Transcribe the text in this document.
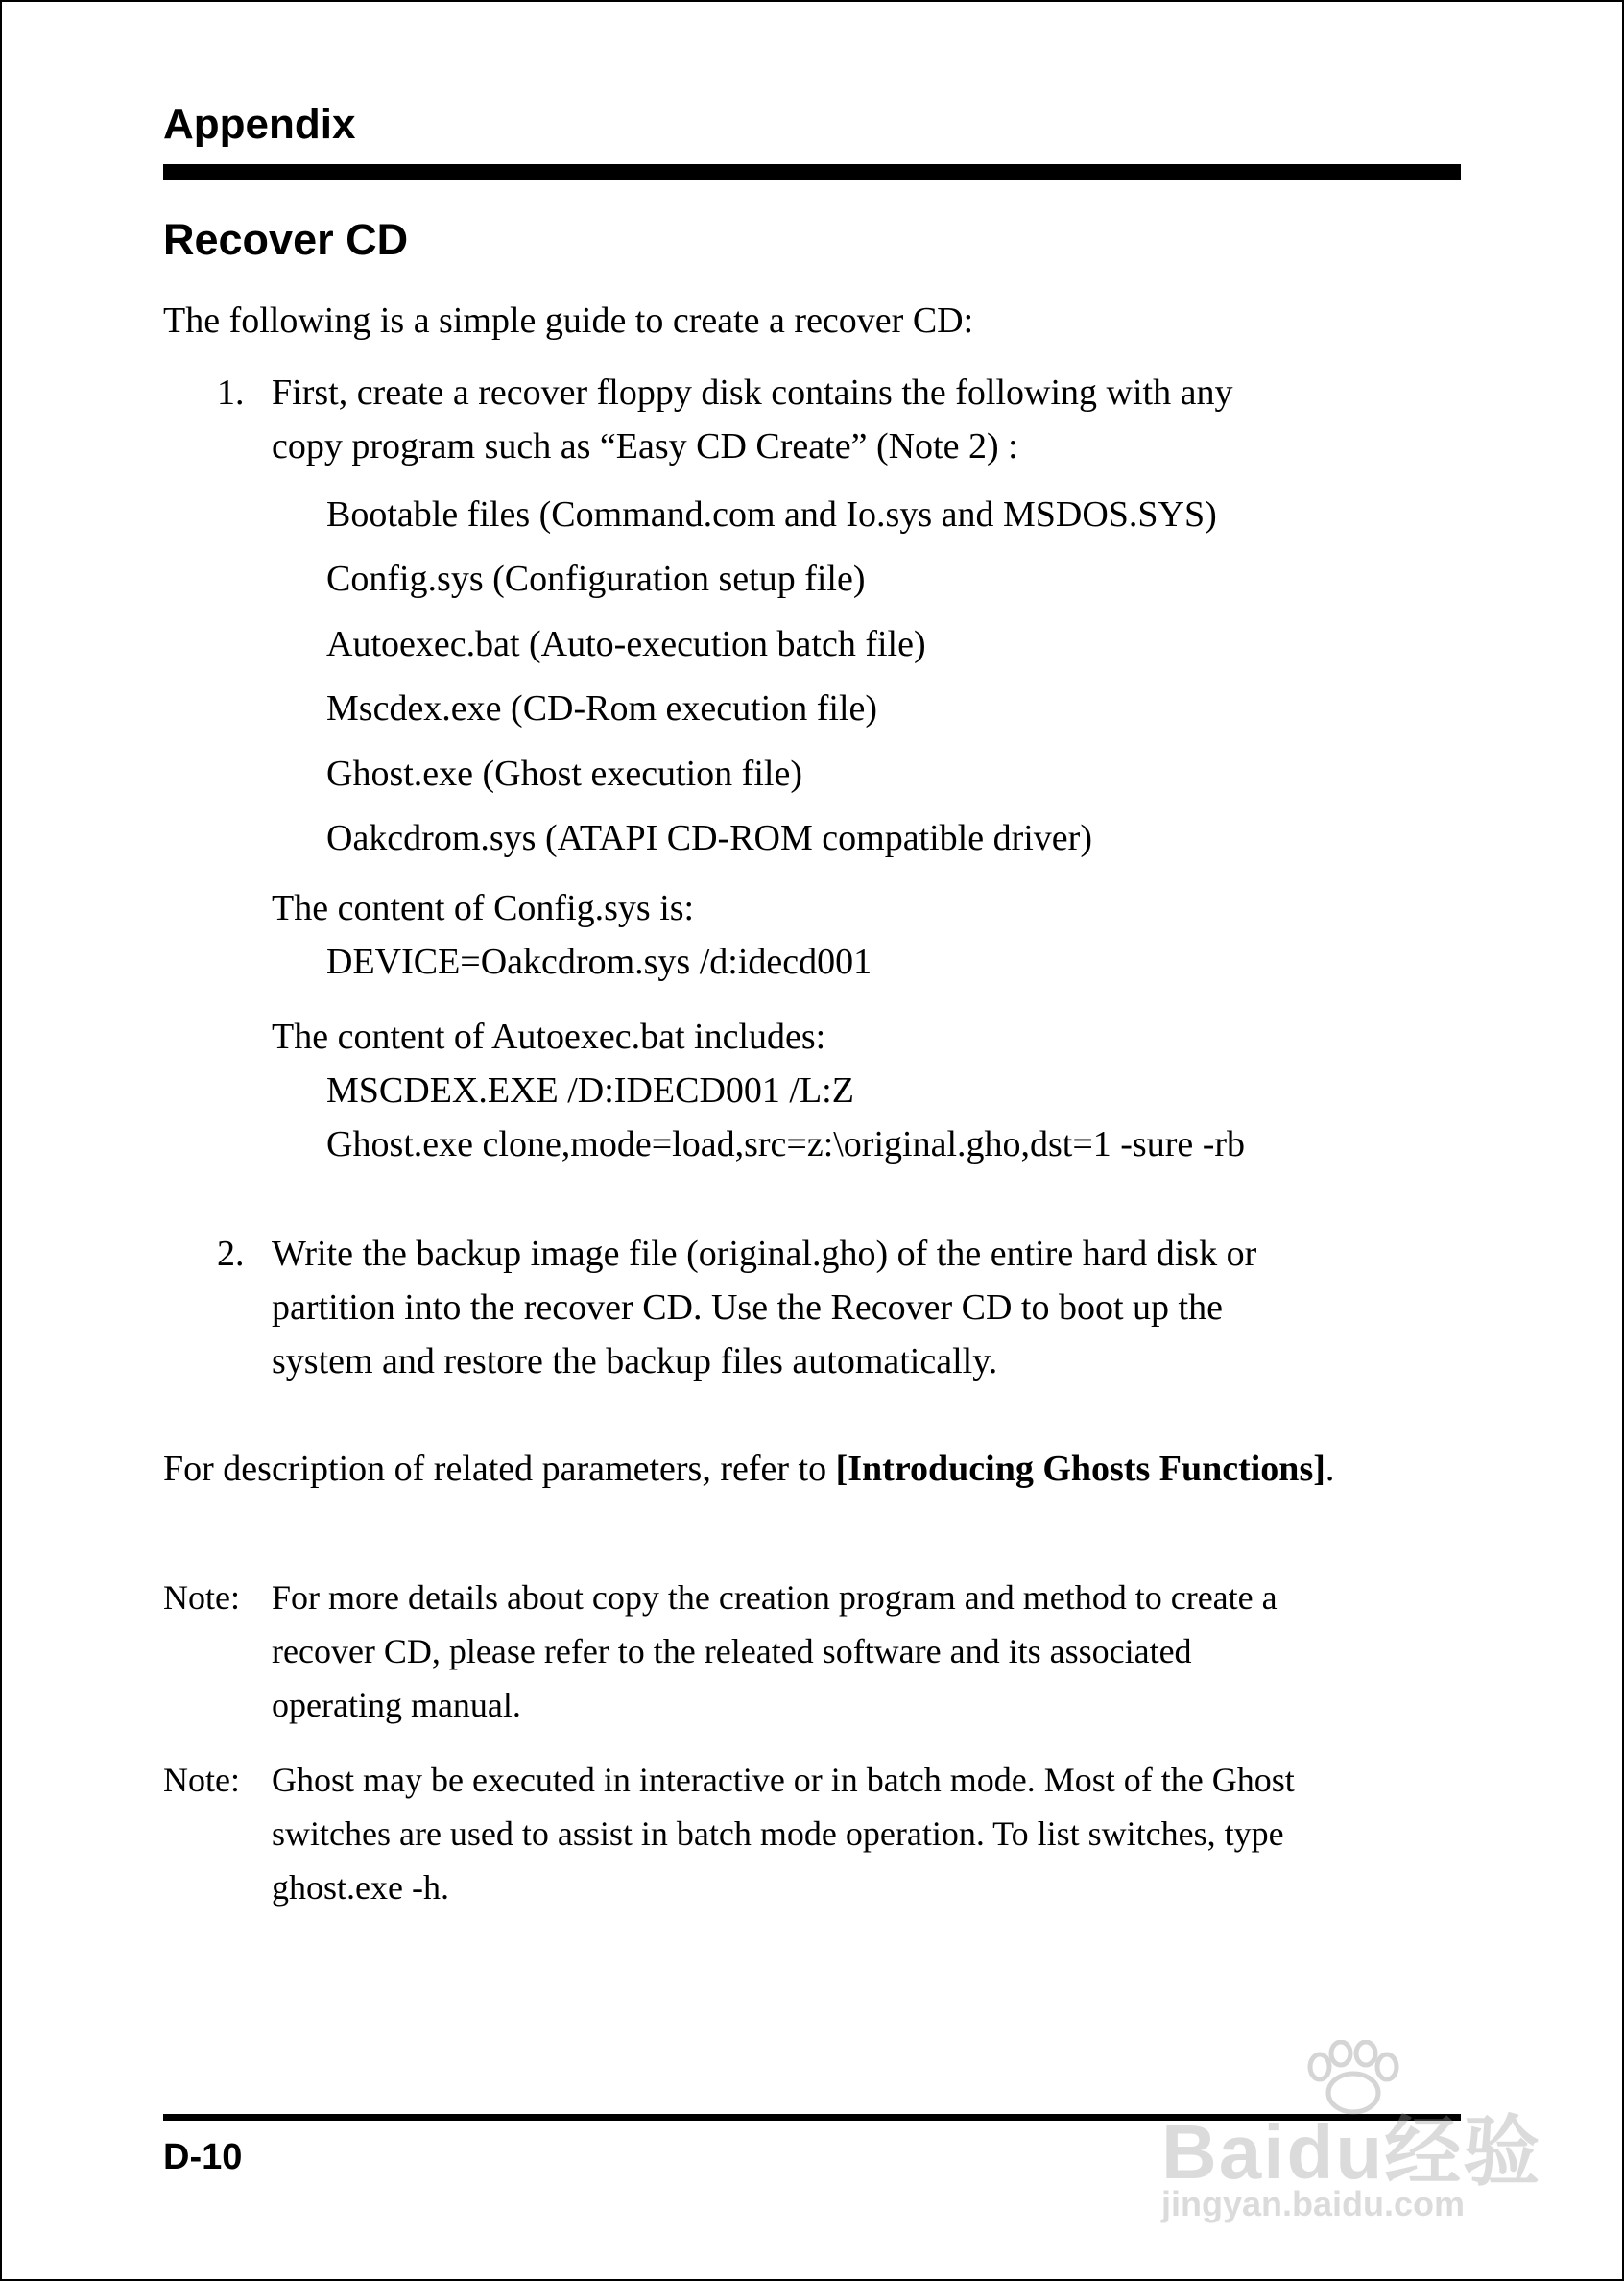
Appendix
Recover CD
The following is a simple guide to create a recover CD:
1. First, create a recover floppy disk contains the following with any
copy program such as “Easy CD Create” (Note 2) :
Bootable files (Command.com and Io.sys and MSDOS.SYS)
Config.sys (Configuration setup file)
Autoexec.bat (Auto-execution batch file)
Mscdex.exe (CD-Rom execution file)
Ghost.exe (Ghost execution file)
Oakcdrom.sys (ATAPI CD-ROM compatible driver)
The content of Config.sys is:
DEVICE=Oakcdrom.sys /d:idecd001
The content of Autoexec.bat includes:
MSCDEX.EXE /D:IDECD001 /L:Z
Ghost.exe clone,mode=load,src=z:\original.gho,dst=1 -sure -rb
2. Write the backup image file (original.gho) of the entire hard disk or
partition into the recover CD. Use the Recover CD to boot up the
system and restore the backup files automatically.
For description of related parameters, refer to [Introducing Ghosts Functions].
Note: For more details about copy the creation program and method to create a
recover CD, please refer to the releated software and its associated
operating manual.
Note: Ghost may be executed in interactive or in batch mode. Most of the Ghost
switches are used to assist in batch mode operation. To list switches, type
ghost.exe -h.
D-10	Baidu经验
jingyan.baidu.com
